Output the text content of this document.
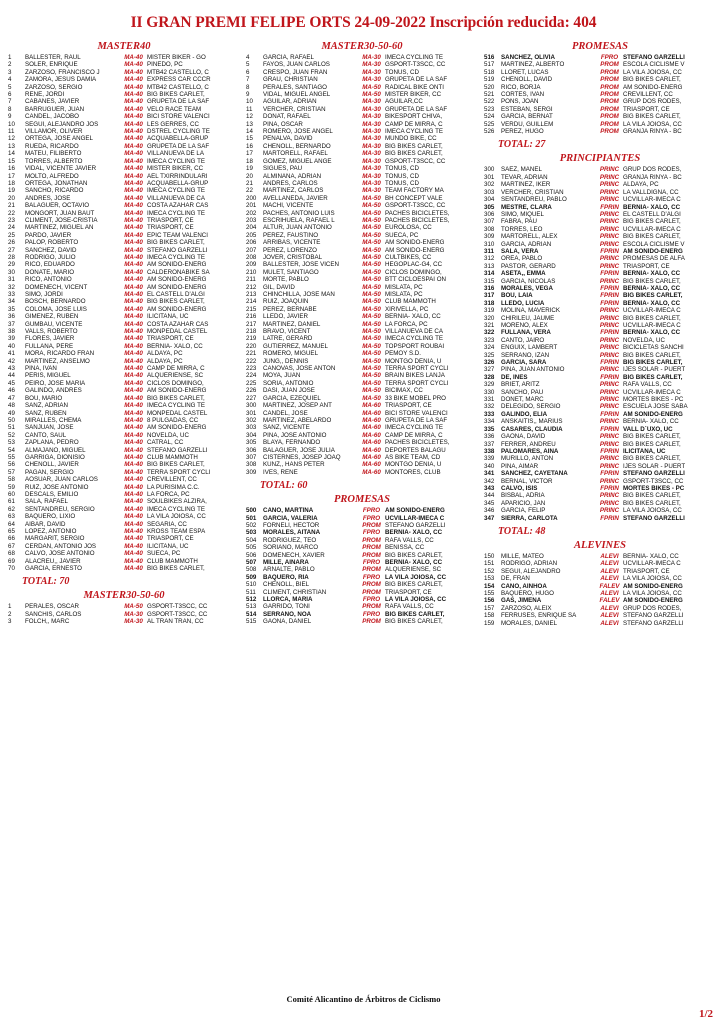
II GRAN PREMI FELIPE ORTS 24-09-2022 Inscripción reducida: 404
MASTER40
1	BALLESTER, RAUL	MA-40	MISTER BIKER - GO
2	SOLER, ENRIQUE	MA-40	PINEDO, PC
3	ZARZOSO, FRANCISCO J	MA-40	MTB42 CASTELLO, C
4	ZAMORA, JESUS DAMIA	MA-40	EXPRESS CAR CCCR
5	ZARZOSO, SERGIO	MA-40	MTB42 CASTELLO, C
6	REÑE, JORDI	MA-40	BIG BIKES CARLET,
7	CABANES, JAVIER	MA-40	GRUPETA DE LA SAF
8	BARRUGUER, JUAN	MA-40	VELO RACE TEAM
9	CANDEL, JACOBO	MA-40	BICI STORE VALENCI
10	SEGUI, ALEJANDRO JOS	MA-40	LES GERRES, CC
11	VILLAMOR, OLIVER	MA-40	DSTREL CYCLING TE
12	ORTEGA, JOSE ANGEL	MA-40	ACQUABELLA-GRUP
13	RUEDA, RICARDO	MA-40	GRUPETA DE LA SAF
14	MATEU, FILIBERTO	MA-40	VILLANUEVA DE LA
15	TORRES, ALBERTO	MA-40	IMECA CYCLING TE
16	VIDAL, VICENTE JAVIER	MA-40	MISTER BIKER, CC
17	MOLTO, ALFREDO	MA-40	AEL TXIRRINDULARI
18	ORTEGA, JONATHAN	MA-40	ACQUABELLA-GRUP
19	SANCHO, RICARDO	MA-40	IMECA CYCLING TE
20	ANDRES, JOSE	MA-40	VILLANUEVA DE CA
21	BALAGUER, OCTAVIO	MA-40	COSTA AZAHAR CAS
22	MONGORT, JUAN BAUT	MA-40	IMECA CYCLING TE
23	CLIMENT, JOSE-CRISTIA	MA-40	TRIASPORT, CE
24	MARTINEZ, MIGUEL AN	MA-40	TRIASPORT, CE
25	PARDO, JAVIER	MA-40	EPIC TEAM VALENCI
26	PALOP, ROBERTO	MA-40	BIG BIKES CARLET,
27	SANCHEZ, DAVID	MA-40	STEFANO GARZELLI
28	RODRIGO, JULIO	MA-40	IMECA CYCLING TE
29	RICO, EDUARDO	MA-40	AM SONIDO-ENERG
30	DONATE, MARIO	MA-40	CALDERONABIKE SA
31	RICO, ANTONIO	MA-40	AM SONIDO-ENERG
32	DOMENECH, VICENT	MA-40	AM SONIDO-ENERG
33	SIMO, JORDI	MA-40	EL CASTELL D'ALGI
34	BOSCH, BERNARDO	MA-40	BIG BIKES CARLET,
35	COLOMA, JOSE LUIS	MA-40	AM SONIDO-ENERG
36	GIMENEZ, RUBEN	MA-40	ILICITANA, UC
37	GUMBAU, VICENTE	MA-40	COSTA AZAHAR CAS
38	VALLS, ROBERTO	MA-40	MONPEDAL CASTEL
39	FLORES, JAVIER	MA-40	TRIASPORT, CE
40	FULLANA, PERE	MA-40	BERNIA- XALO, CC
41	MORA, RICARDO FRAN	MA-40	ALDAYA, PC
42	MARTINEZ, ANSELMO	MA-40	ALDAYA, PC
43	PINA, IVAN	MA-40	CAMP DE MIRRA, C
44	PERIS, MIGUEL	MA-40	ALQUERIENSE, SC
45	PEIRO, JOSE MARIA	MA-40	CICLOS DOMINGO,
46	GALINDO, ANDRES	MA-40	AM SONIDO-ENERG
47	BOU, MARIO	MA-40	BIG BIKES CARLET,
48	SANZ, ADRIAN	MA-40	IMECA CYCLING TE
49	SANZ, RUBEN	MA-40	MONPEDAL CASTEL
50	MIRALLES, CHEMA	MA-40	8 PULGADAS, CC
51	SANJUAN, JOSE	MA-40	AM SONIDO-ENERG
52	CANTO, SAUL	MA-40	NOVELDA, UC
53	ZAPLANA, PEDRO	MA-40	CATRAL, CC
54	ALMAJANO, MIGUEL	MA-40	STEFANO GARZELLI
55	GARRIGA, DIONISIO	MA-40	CLUB MAMMOTH
56	CHENOLL, JAVIER	MA-40	BIG BIKES CARLET,
57	PAGAN, SERGIO	MA-40	TERRA SPORT CYCLI
58	AOSUAR, JUAN CARLOS	MA-40	CREVILLENT, CC
59	RUIZ, JOSE ANTONIO	MA-40	LA PURISIMA C.C.
60	DESCALS, EMILIO	MA-40	LA FORCA, PC
61	SALA, RAFAEL	MA-40	SOULBIKES ALZIRA,
62	SENTANDREU, SERGIO	MA-40	IMECA CYCLING TE
63	BAQUERO, LIXIO	MA-40	LA VILA JOIOSA, CC
64	AIBAR, DAVID	MA-40	SEGARIA, CC
65	LOPEZ, ANTONIO	MA-40	KROSS TEAM ESPA
66	MARGARIT, SERGIO	MA-40	TRIASPORT, CE
67	CERDAN, ANTONIO JOS	MA-40	ILICITANA, UC
68	CALVO, JOSE ANTONIO	MA-40	SUECA, PC
69	ALACREU,, JAVIER	MA-40	CLUB MAMMOTH
70	GARCIA, ERNESTO	MA-40	BIG BIKES CARLET,
TOTAL: 70
MASTER30-50-60
1	PERALES, OSCAR	MA-50	GSPORT-T3SCC, CC
2	SANCHIS, CARLOS	MA-30	GSPORT-T3SCC, CC
3	FOLCH,, MARC	MA-30	AL TRAN TRAN, CC
MASTER30-50-60
4	GARCIA, RAFAEL	MA-30	IMECA CYCLING TE
5	FAYOS, JUAN CARLOS	MA-30	GSPORT-T3SCC, CC
6	CRESPO, JUAN FRAN	MA-30	TONUS, CD
7	GRAU, CHRISTIAN	MA-30	GRUPETA DE LA SAF
8	PERALES, SANTIAGO	MA-50	RADICAL BIKE ONTI
9	VIDAL, MIGUEL ANGEL	MA-50	MISTER BIKER, CC
10	AGUILAR, ADRIAN	MA-30	AGUILAR,CC
11	VERCHER, CRISTIAN	MA-30	GRUPETA DE LA SAF
12	DONAT, RAFAEL	MA-30	BIKESPORT CHIVA,
13	PINA, OSCAR	MA-30	CAMP DE MIRRA, C
14	ROMERO, JOSE ANGEL	MA-30	IMECA CYCLING TE
15	PENALVA, DAVID	MA-30	MUNDO BIKE, CC
16	CHENOLL, BERNARDO	MA-30	BIG BIKES CARLET,
17	MARTORELL, RAFAEL	MA-30	BIG BIKES CARLET,
18	GOMEZ, MIGUEL ANGE	MA-30	GSPORT-T3SCC, CC
19	SIGUES, PAU	MA-30	TONUS, CD
20	ALMIÑANA, ADRIAN	MA-30	TONUS, CD
21	ANDRES, CARLOS	MA-30	TONUS, CD
22	MARTINEZ, CARLOS	MA-30	TEAM FACTORY MA
200	AVELLANEDA, JAVIER	MA-50	BH CONCEPT VALE
201	MACHI, VICENTE	MA-50	GSPORT-T3SCC, CC
202	PACHES, ANTONIO LUIS	MA-50	PACHES BICICLETES,
203	ESCRIHUELA, RAFAEL L	MA-50	PACHES BICICLETES,
204	ALTUR, JUAN ANTONIO	MA-50	EUROLOSA, CC
205	PEREZ, FAUSTINO	MA-50	SUECA, PC
206	ARRIBAS, VICENTE	MA-50	AM SONIDO-ENERG
207	PEREZ, LORENZO	MA-50	AM SONIDO-ENERG
208	JOVER, CRISTOBAL	MA-50	CULTBIKES, CC
209	BALLESTER, JOSE VICEN	MA-50	HEGOPLAC-G4, CC
210	MULET, SANTIAGO	MA-50	CICLOS DOMINGO,
211	MORTE, PABLO	MA-50	BTT CICLOESPAI ON
212	GIL, DAVID	MA-50	MISLATA, PC
213	CHINCHILLA, JOSE MAN	MA-50	MISLATA, PC
214	RUIZ, JOAQUIN	MA-50	CLUB MAMMOTH
215	PEREZ, BERNABE	MA-50	XIRIVELLA, PC
216	LLEDO, JAVIER	MA-50	BERNIA- XALO, CC
217	MARTINEZ, DANIEL	MA-50	LA FORCA, PC
218	BRAVO, VICENT	MA-50	VILLANUEVA DE CA
219	LATRE, GERARD	MA-50	IMECA CYCLING TE
220	GUTIERREZ, MANUEL	MA-50	TOPSPORT ROUBAI
221	ROMERO, MIGUEL	MA-50	PEMOY S.D.
222	JUNG,, DENNIS	MA-50	MONTGO DENIA, U
223	CANOVAS, JOSE ANTON	MA-50	TERRA SPORT CYCLI
224	MOYA, JUAN	MA-50	BRAIN BIKES LANJA
225	SORIA, ANTONIO	MA-50	TERRA SPORT CYCLI
226	DASI, JUAN JOSE	MA-50	BICIMAX, CC
227	GARCIA, EZEQUIEL	MA-50	33 BIKE MOBEL PRO
300	MARTINEZ, JOSEP ANT	MA-60	TRIASPORT, CE
301	CANDEL, JOSE	MA-60	BICI STORE VALENCI
302	MARTINEZ, ABELARDO	MA-60	GRUPETA DE LA SAF
303	SANZ, VICENTE	MA-60	IMECA CYCLING TE
304	PINA, JOSE ANTONIO	MA-60	CAMP DE MIRRA, C
305	BLAYA, FERNANDO	MA-60	PACHES BICICLETES,
306	BALAGUER, JOSE JULIA	MA-60	DEPORTES BALAGU
307	CISTERNES, JOSEP JOAQ	MA-60	AS BIKE TEAM, CD
308	KUNZ,, HANS PETER	MA-60	MONTGO DENIA, U
309	IVES, RENE	MA-60	MONTORES, CLUB
TOTAL: 60
PROMESAS
500	CANO, MARTINA	FPRO	AM SONIDO-ENERG
501	GARCIA, VALERIA	FPRO	UCVILLAR-IMECA C
502	FORNELI, HECTOR	PROM	STEFANO GARZELLI
503	MORALES, AITANA	FPRO	BERNIA- XALO, CC
504	RODRIGUEZ, TEO	PROM	RAFA VALLS, CC
505	SORIANO, MARCO	PROM	BENISSA, CC
506	DOMENECH, XAVIER	PROM	BIG BIKES CARLET,
507	MILLE, AINARA	FPRO	BERNIA- XALO, CC
508	ARNALTE, PABLO	PROM	ALQUERIENSE, SC
509	BAQUERO, RIA	FPRO	LA VILA JOIOSA, CC
510	CHENOLL, BIEL	PROM	BIG BIKES CARLET,
511	CLIMENT, CHRISTIAN	PROM	TRIASPORT, CE
512	LLORCA, MARIA	FPRO	LA VILA JOIOSA, CC
513	GARRIDO, TONI	PROM	RAFA VALLS, CC
514	SERRANO, NOA	FPRO	BIG BIKES CARLET,
515	GAONA, DANIEL	PROM	BIG BIKES CARLET,
PROMESAS
516	SANCHEZ, OLIVIA	FPRO	STEFANO GARZELLI
517	MARTINEZ, ALBERTO	PROM	ESCOLA CICLISME V
518	LLORET, LUCAS	PROM	LA VILA JOIOSA, CC
519	CHENOLL, DAVID	PROM	BIG BIKES CARLET,
520	RICO, BORJA	PROM	AM SONIDO-ENERG
521	CORTES, IVAN	PROM	CREVILLENT, CC
522	PONS, JOAN	PROM	GRUP DOS RODES,
523	ESTEBAN, SERGI	PROM	TRIASPORT, CE
524	GARCIA, BERNAT	PROM	BIG BIKES CARLET,
525	VERDU, GUILLEM	PROM	LA VILA JOIOSA, CC
526	PEREZ, HUGO	PROM	GRANJA RINYA - BC
TOTAL: 27
PRINCIPIANTES
300	SAEZ, MANEL	PRINC	GRUP DOS RODES,
301	TEVAR, ADRIAN	PRINC	GRANJA RINYA - BC
302	MARTINEZ, IKER	PRINC	ALDAYA, PC
303	VERCHER, CRISTIAN	PRINC	LA VALLDIGNA, CC
304	SENTANDREU, PABLO	PRINC	UCVILLAR-IMECA C
305	MESTRE, CLARA	FPRIN	BERNIA- XALO, CC
306	SIMO, MIQUEL	PRINC	EL CASTELL D'ALGI
307	FABRA, PAU	PRINC	BIG BIKES CARLET,
308	TORRES, LEO	PRINC	UCVILLAR-IMECA C
309	MARTORELL, ALEX	PRINC	BIG BIKES CARLET,
310	GARCIA, ADRIAN	PRINC	ESCOLA CICLISME V
311	SALA, VERA	FPRIN	AM SONIDO-ENERG
312	OREA, PABLO	PRINC	PROMESAS DE ALFA
313	PASTOR, GERARD	PRINC	TRIASPORT, CE
314	ASETA,, EMMA	FPRIN	BERNIA- XALO, CC
315	GARCIA, NICOLAS	PRINC	BIG BIKES CARLET,
316	MORALES, VEGA	FPRIN	BERNIA- XALO, CC
317	BOU, LAIA	FPRIN	BIG BIKES CARLET,
318	LLEDO, LUCIA	FPRIN	BERNIA- XALO, CC
319	MOLINA, MAVERICK	PRINC	UCVILLAR-IMECA C
320	CHIRILEU, JAUME	PRINC	BIG BIKES CARLET,
321	MORENO, ALEX	PRINC	UCVILLAR-IMECA C
322	FULLANA, VERA	FPRIN	BERNIA- XALO, CC
323	CANTO, JAIRO	PRINC	NOVELDA, UC
324	ENGUIX, LAMBERT	PRINC	BICICLETAS SANCHI
325	SERRANO, IZAN	PRINC	BIG BIKES CARLET,
326	GARCIA, SARA	FPRIN	BIG BIKES CARLET,
327	PINA, JUAN ANTONIO	PRINC	IJES SOLAR - PUERT
328	DE, INES	FPRIN	BIG BIKES CARLET,
329	BRIET, ARITZ	PRINC	RAFA VALLS, CC
330	SANCHO, PAU	PRINC	UCVILLAR-IMECA C
331	DONET, MARC	PRINC	MORTES BIKES - PC
332	DELEGIDO, SERGIO	PRINC	ESCUELA JOSE SABA
333	GALINDO, ELIA	FPRIN	AM SONIDO-ENERG
334	ANSKAITIS,, MARIUS	PRINC	BERNIA- XALO, CC
335	CASARES, CLAUDIA	FPRIN	VALL D`UXO, UC
336	GAONA, DAVID	PRINC	BIG BIKES CARLET,
337	FERRER, ANDREU	PRINC	BIG BIKES CARLET,
338	PALOMARES, AINA	FPRIN	ILICITANA, UC
339	MURILLO, ANTON	PRINC	BIG BIKES CARLET,
340	PINA, AIMAR	PRINC	IJES SOLAR - PUERT
341	SANCHEZ, CAYETANA	FPRIN	STEFANO GARZELLI
342	BERNAL, VICTOR	PRINC	GSPORT-T3SCC, CC
343	CALVO, ISIS	FPRIN	MORTES BIKES - PC
344	BISBAL, ADRIA	PRINC	BIG BIKES CARLET,
345	APARICIO, JAN	PRINC	BIG BIKES CARLET,
346	GARCIA, FELIP	PRINC	LA VILA JOIOSA, CC
347	SIERRA, CARLOTA	FPRIN	STEFANO GARZELLI
TOTAL: 48
ALEVINES
150	MILLE, MATEO	ALEVI	BERNIA- XALO, CC
151	RODRIGO, ADRIAN	ALEVI	UCVILLAR-IMECA C
152	SEGUI, ALEJANDRO	ALEVI	TRIASPORT, CE
153	DE, FRAN	ALEVI	LA VILA JOIOSA, CC
154	CANO, AINHOA	FALEV	AM SONIDO-ENERG
155	BAQUERO, HUGO	ALEVI	LA VILA JOIOSA, CC
156	GAS, JIMENA	FALEV	AM SONIDO-ENERG
157	ZARZOSO, ALEIX	ALEVI	GRUP DOS RODES,
158	FERRUSES, ENRIQUE SA	ALEVI	STEFANO GARZELLI
159	MORALES, DANIEL	ALEVI	STEFANO GARZELLI
Comité Alicantino de Árbitros de Ciclismo
1/2
